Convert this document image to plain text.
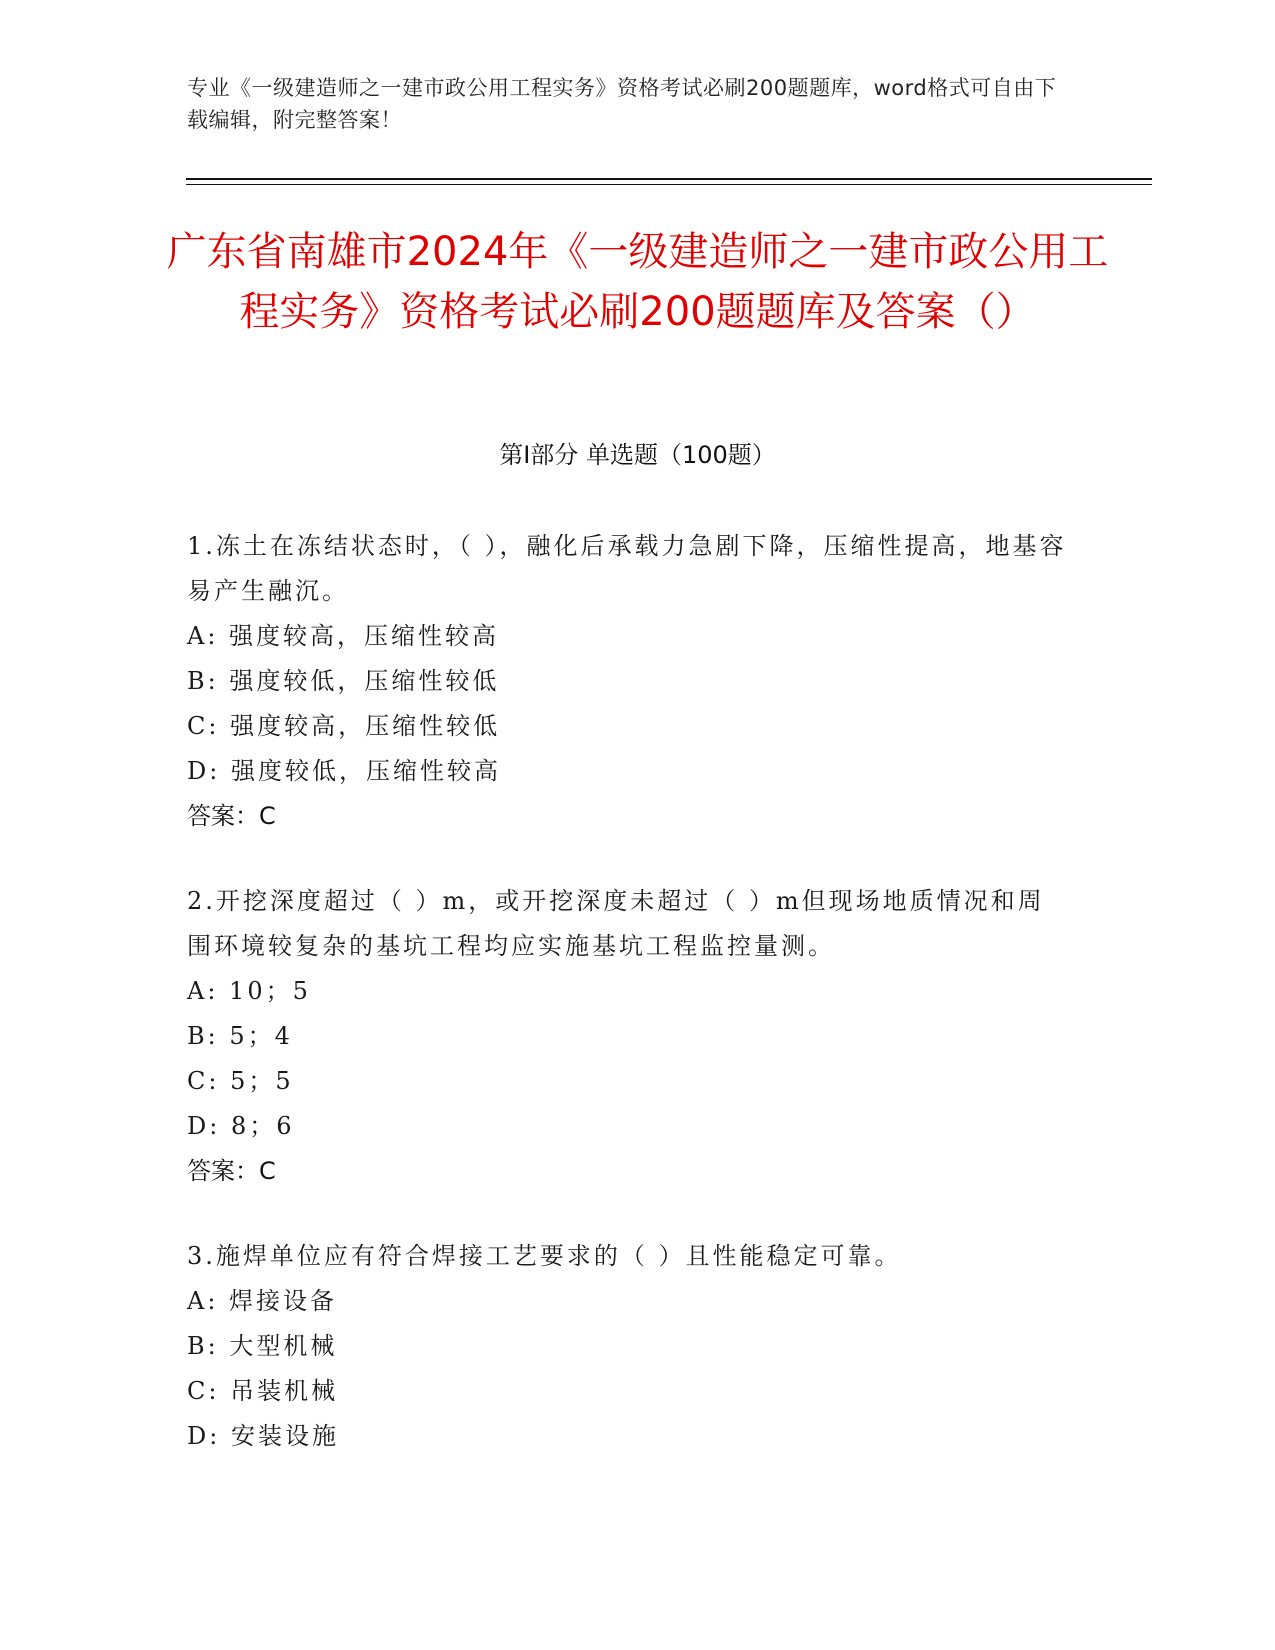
专业《一级建造师之一建市政公用工程实务》资格考试必刷200题题库，word格式可自由下载编辑，附完整答案！
广东省南雄市2024年《一级建造师之一建市政公用工程实务》资格考试必刷200题题库及答案（）
第Ⅰ部分 单选题（100题）
1.冻土在冻结状态时，（ ），融化后承载力急剧下降，压缩性提高，地基容易产生融沉。
A: 强度较高，压缩性较高
B: 强度较低，压缩性较低
C: 强度较高，压缩性较低
D: 强度较低，压缩性较高
答案：C
2.开挖深度超过（ ）m，或开挖深度未超过（ ）m但现场地质情况和周围环境较复杂的基坑工程均应实施基坑工程监控量测。
A: 10；5
B: 5；4
C: 5；5
D: 8；6
答案：C
3.施焊单位应有符合焊接工艺要求的（ ）且性能稳定可靠。
A: 焊接设备
B: 大型机械
C: 吊装机械
D: 安装设施
